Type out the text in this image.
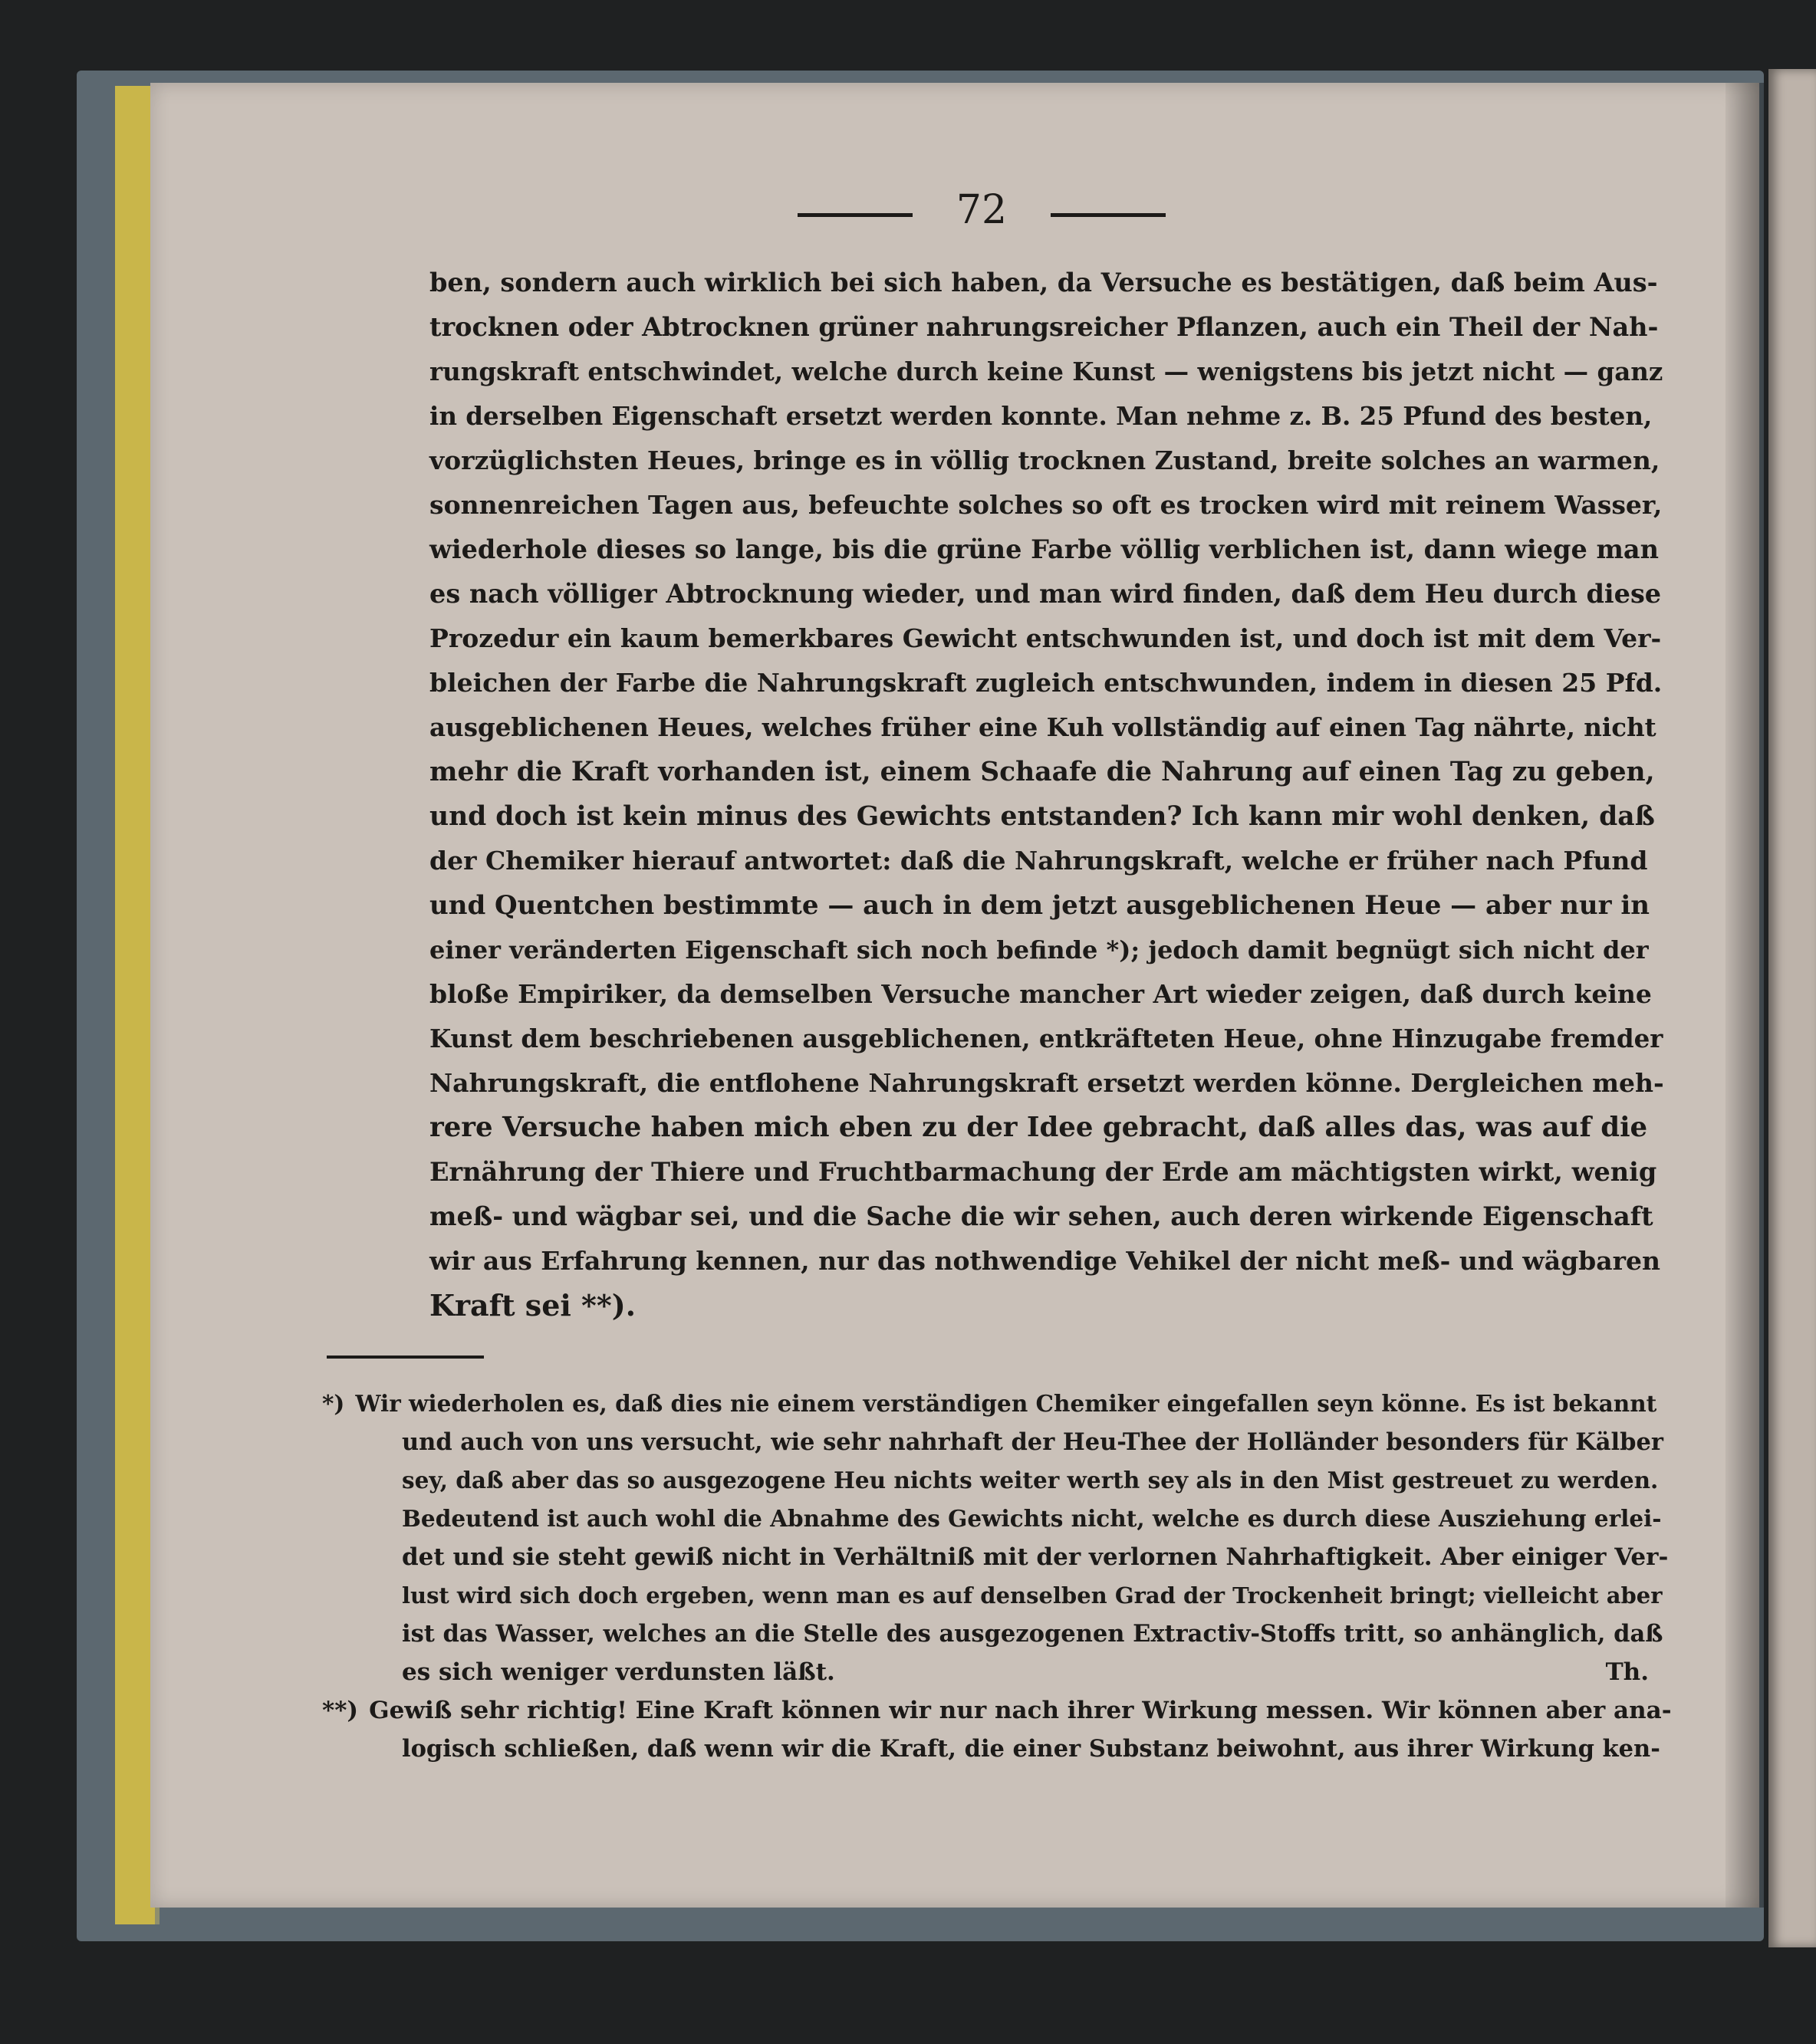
72
ben, sondern auch wirklich bei sich haben, da Versuche es bestätigen, daß beim Aus-
trocknen oder Abtrocknen grüner nahrungsreicher Pflanzen, auch ein Theil der Nah-
rungskraft entschwindet, welche durch keine Kunst — wenigstens bis jetzt nicht — ganz
in derselben Eigenschaft ersetzt werden konnte. Man nehme z. B. 25 Pfund des besten,
vorzüglichsten Heues, bringe es in völlig trocknen Zustand, breite solches an warmen,
sonnenreichen Tagen aus, befeuchte solches so oft es trocken wird mit reinem Wasser,
wiederhole dieses so lange, bis die grüne Farbe völlig verblichen ist, dann wiege man
es nach völliger Abtrocknung wieder, und man wird finden, daß dem Heu durch diese
Prozedur ein kaum bemerkbares Gewicht entschwunden ist, und doch ist mit dem Ver-
bleichen der Farbe die Nahrungskraft zugleich entschwunden, indem in diesen 25 Pfd.
ausgeblichenen Heues, welches früher eine Kuh vollständig auf einen Tag nährte, nicht
mehr die Kraft vorhanden ist, einem Schaafe die Nahrung auf einen Tag zu geben,
und doch ist kein minus des Gewichts entstanden? Ich kann mir wohl denken, daß
der Chemiker hierauf antwortet: daß die Nahrungskraft, welche er früher nach Pfund
und Quentchen bestimmte — auch in dem jetzt ausgeblichenen Heue — aber nur in
einer veränderten Eigenschaft sich noch befinde *); jedoch damit begnügt sich nicht der
bloße Empiriker, da demselben Versuche mancher Art wieder zeigen, daß durch keine
Kunst dem beschriebenen ausgeblichenen, entkräfteten Heue, ohne Hinzugabe fremder
Nahrungskraft, die entflohene Nahrungskraft ersetzt werden könne. Dergleichen meh-
rere Versuche haben mich eben zu der Idee gebracht, daß alles das, was auf die
Ernährung der Thiere und Fruchtbarmachung der Erde am mächtigsten wirkt, wenig
meß- und wägbar sei, und die Sache die wir sehen, auch deren wirkende Eigenschaft
wir aus Erfahrung kennen, nur das nothwendige Vehikel der nicht meß- und wägbaren
Kraft sei **).
*) Wir wiederholen es, daß dies nie einem verständigen Chemiker eingefallen seyn könne. Es ist bekannt
und auch von uns versucht, wie sehr nahrhaft der Heu-Thee der Holländer besonders für Kälber
sey, daß aber das so ausgezogene Heu nichts weiter werth sey als in den Mist gestreuet zu werden.
Bedeutend ist auch wohl die Abnahme des Gewichts nicht, welche es durch diese Ausziehung erlei-
det und sie steht gewiß nicht in Verhältniß mit der verlornen Nahrhaftigkeit. Aber einiger Ver-
lust wird sich doch ergeben, wenn man es auf denselben Grad der Trockenheit bringt; vielleicht aber
ist das Wasser, welches an die Stelle des ausgezogenen Extractiv-Stoffs tritt, so anhänglich, daß
es sich weniger verdunsten läßt.	Th.
**) Gewiß sehr richtig! Eine Kraft können wir nur nach ihrer Wirkung messen. Wir können aber ana-
logisch schließen, daß wenn wir die Kraft, die einer Substanz beiwohnt, aus ihrer Wirkung ken-
